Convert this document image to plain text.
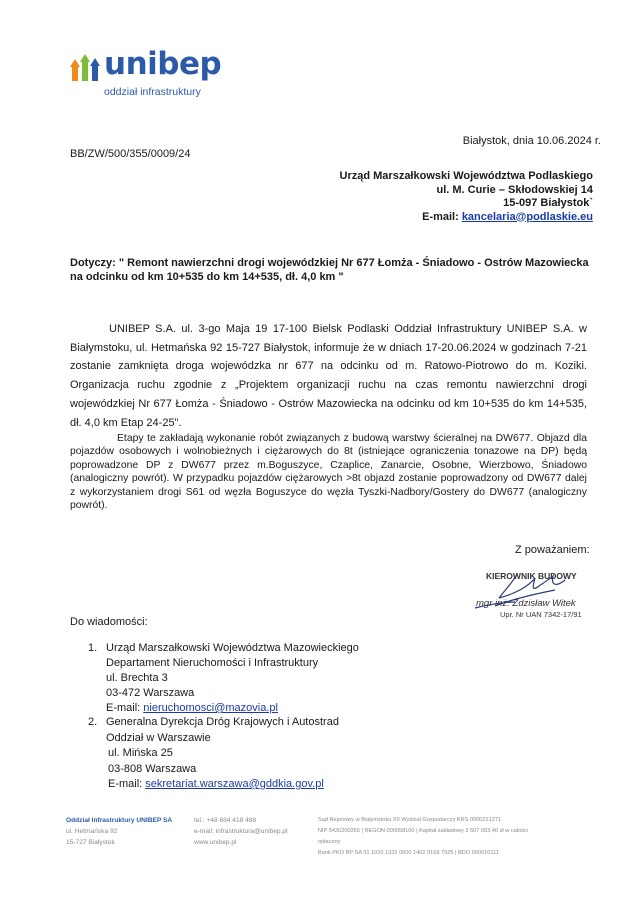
unibep
oddział infrastruktury
Białystok, dnia 10.06.2024 r.
BB/ZW/500/355/0009/24
Urząd Marszałkowski Województwa Podlaskiego
ul. M. Curie – Skłodowskiej 14
15-097 Białystok`
E-mail: kancelaria@podlaskie.eu
Dotyczy: " Remont nawierzchni drogi wojewódzkiej Nr 677 Łomża - Śniadowo - Ostrów Mazowiecka na odcinku od km 10+535 do km 14+535, dł. 4,0 km "
UNIBEP S.A. ul. 3-go Maja 19 17-100 Bielsk Podlaski Oddział Infrastruktury UNIBEP S.A. w Białymstoku, ul. Hetmańska 92 15-727 Białystok, informuje że w dniach 17-20.06.2024 w godzinach 7-21 zostanie zamknięta droga wojewódzka nr 677 na odcinku od m. Ratowo-Piotrowo do m. Koziki. Organizacja ruchu zgodnie z „Projektem organizacji ruchu na czas remontu nawierzchni drogi wojewódzkiej Nr 677 Łomża - Śniadowo - Ostrów Mazowiecka na odcinku od km 10+535 do km 14+535, dł. 4,0 km Etap 24-25".
Etapy te zakładają wykonanie robót związanych z budową warstwy ścieralnej na DW677. Objazd dla pojazdów osobowych i wolnobieżnych i ciężarowych do 8t (istniejące ograniczenia tonazowe na DP) będą poprowadzone DP z DW677 przez m.Boguszyce, Czaplice, Zanarcie, Osobne, Wierzbowo, Śniadowo (analogiczny powrót). W przypadku pojazdów ciężarowych >8t objazd zostanie poprowadzony od DW677 dalej z wykorzystaniem drogi S61 od węzła Boguszyce do węzła Tyszki-Nadbory/Gostery do DW677 (analogiczny powrót).
Z poważaniem:
KIEROWNIK BUDOWY
mgr inż. Zdzisław Witek
Upr. Nr UAN 7342-17/91
Do wiadomości:
1. Urząd Marszałkowski Województwa Mazowieckiego
Departament Nieruchomości i Infrastruktury
ul. Brechta 3
03-472 Warszawa
E-mail: nieruchomosci@mazovia.pl
2. Generalna Dyrekcja Dróg Krajowych i Autostrad
Oddział w Warszawie
ul. Mińska 25
03-808 Warszawa
E-mail: sekretariat.warszawa@gddkia.gov.pl
Oddział Infrastruktury UNIBEP SA
ul. Hetmańska 92
15-727 Białystok
tel.: +48 684 418 488
e-mail: infrastruktura@unibep.pl
www.unibep.pl
Sąd Rejonowy w Białymstoku XII Wydział Gospodarczy KRS 0000231271
NIP 5430200355 | REGON 000058100 | Kapitał zakładowy 3 507 063,40 zł w całości
opłacony
Bank PKO BP SA 31 1020 1332 0000 1402 0169 7925 | BDO 000010111
